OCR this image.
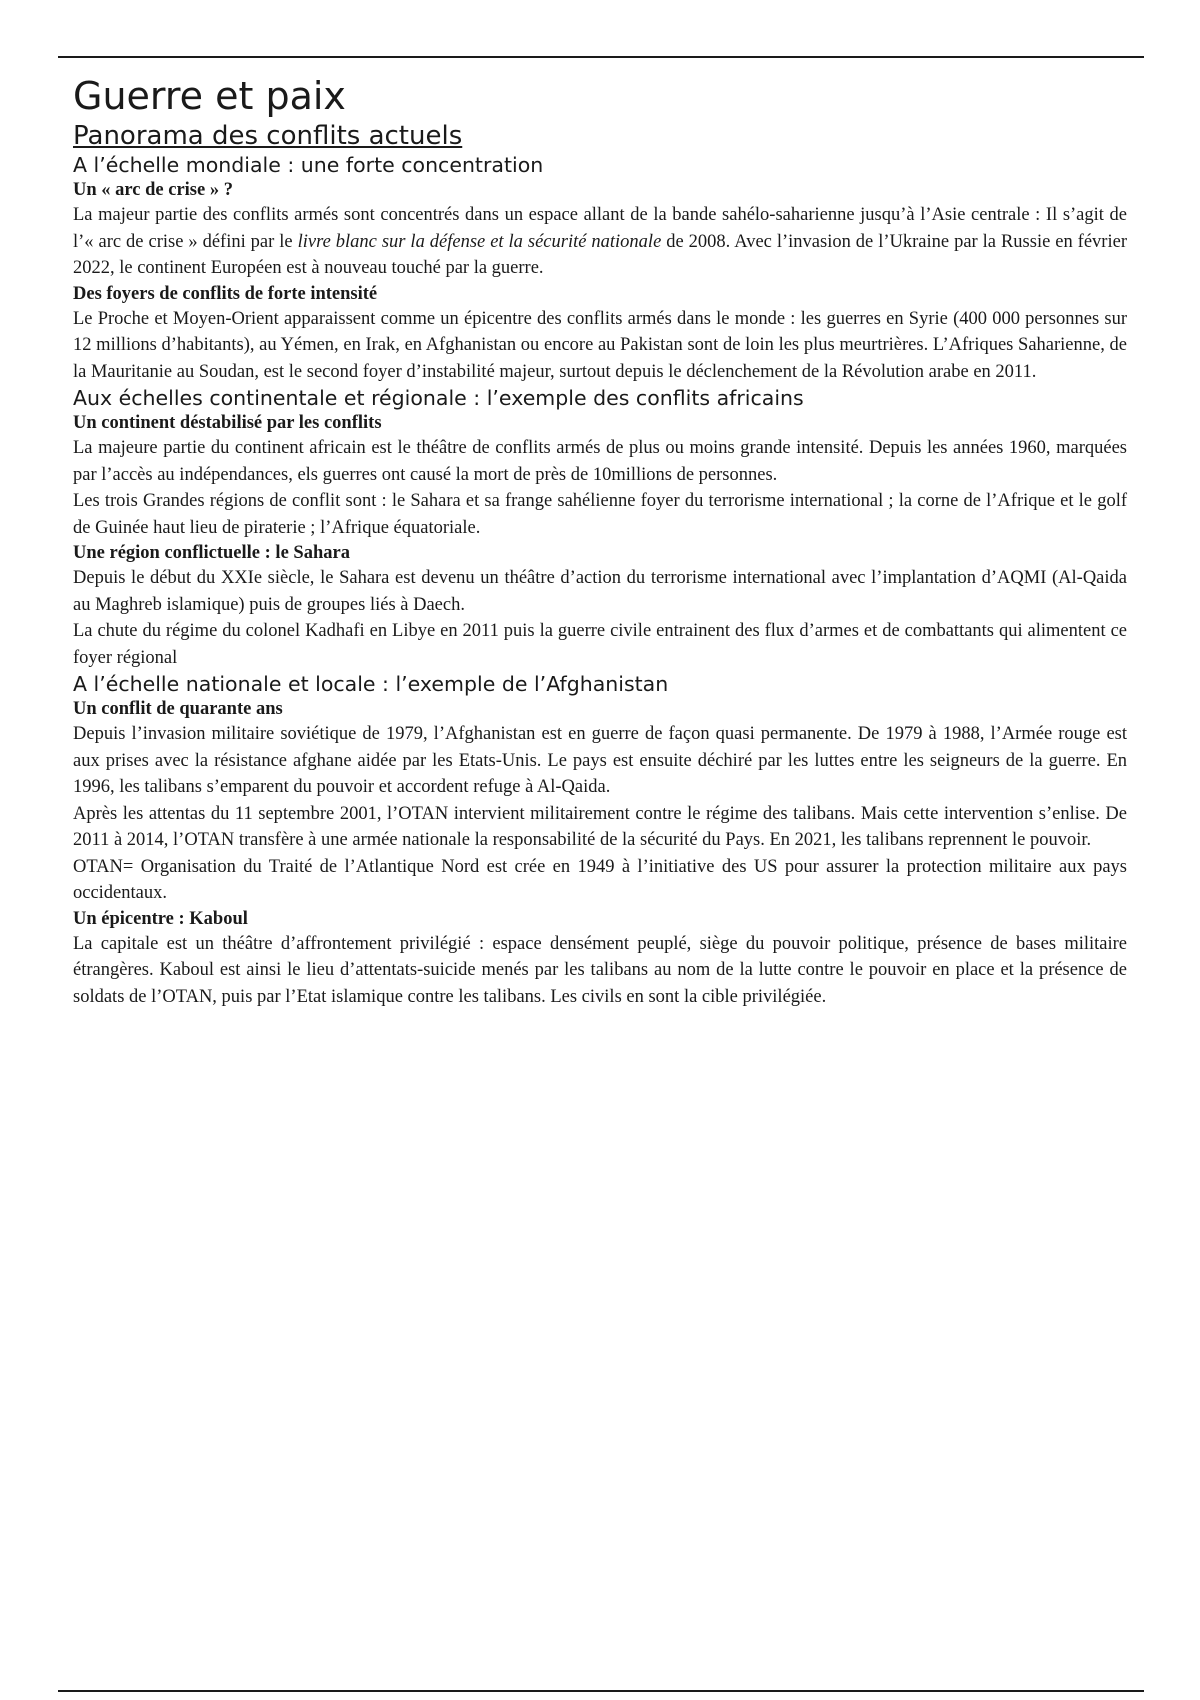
Guerre et paix
Panorama des conflits actuels
A l’échelle mondiale : une forte concentration
Un « arc de crise » ?

La majeur partie des conflits armés sont concentrés dans un espace allant de la bande sahélo-saharienne jusqu’à l’Asie centrale : Il s’agit de l’« arc de crise » défini par le livre blanc sur la défense et la sécurité nationale de 2008. Avec l’invasion de l’Ukraine par la Russie en février 2022, le continent Européen est à nouveau touché par la guerre.

Des foyers de conflits de forte intensité

Le Proche et Moyen-Orient apparaissent comme un épicentre des conflits armés dans le monde : les guerres en Syrie (400 000 personnes sur 12 millions d’habitants), au Yémen, en Irak, en Afghanistan ou encore au Pakistan sont de loin les plus meurtrières. L’Afriques Saharienne, de la Mauritanie au Soudan, est le second foyer d’instabilité majeur, surtout depuis le déclenchement de la Révolution arabe en 2011.

Aux échelles continentale et régionale : l’exemple des conflits africains
Un continent déstabilisé par les conflits

La majeure partie du continent africain est le théâtre de conflits armés de plus ou moins grande intensité. Depuis les années 1960, marquées par l’accès au indépendances, els guerres ont causé la mort de près de 10millions de personnes.

Les trois Grandes régions de conflit sont : le Sahara et sa frange sahélienne foyer du terrorisme international ; la corne de l’Afrique et le golf de Guinée haut lieu de piraterie ; l’Afrique équatoriale.

Une région conflictuelle : le Sahara

Depuis le début du XXIe siècle, le Sahara est devenu un théâtre d’action du terrorisme international avec l’implantation d’AQMI (Al-Qaida au Maghreb islamique) puis de groupes liés à Daech.

La chute du régime du colonel Kadhafi en Libye en 2011 puis la guerre civile entrainent des flux d’armes et de combattants qui alimentent ce foyer régional

A l’échelle nationale et locale : l’exemple de l’Afghanistan
Un conflit de quarante ans

Depuis l’invasion militaire soviétique de 1979, l’Afghanistan est en guerre de façon quasi permanente. De 1979 à 1988, l’Armée rouge est aux prises avec la résistance afghane aidée par les Etats-Unis. Le pays est ensuite déchiré par les luttes entre les seigneurs de la guerre. En 1996, les talibans s’emparent du pouvoir et accordent refuge à Al-Qaida.

Après les attentas du 11 septembre 2001, l’OTAN intervient militairement contre le régime des talibans. Mais cette intervention s’enlise. De 2011 à 2014, l’OTAN transfère à une armée nationale la responsabilité de la sécurité du Pays. En 2021, les talibans reprennent le pouvoir.

OTAN= Organisation du Traité de l’Atlantique Nord est crée en 1949 à l’initiative des US pour assurer la protection militaire aux pays occidentaux.

Un épicentre : Kaboul

La capitale est un théâtre d’affrontement privilégié : espace densément peuplé, siège du pouvoir politique, présence de bases militaire étrangères. Kaboul est ainsi le lieu d’attentats-suicide menés par les talibans au nom de la lutte contre le pouvoir en place et la présence de soldats de l’OTAN, puis par l’Etat islamique contre les talibans. Les civils en sont la cible privilégiée.
